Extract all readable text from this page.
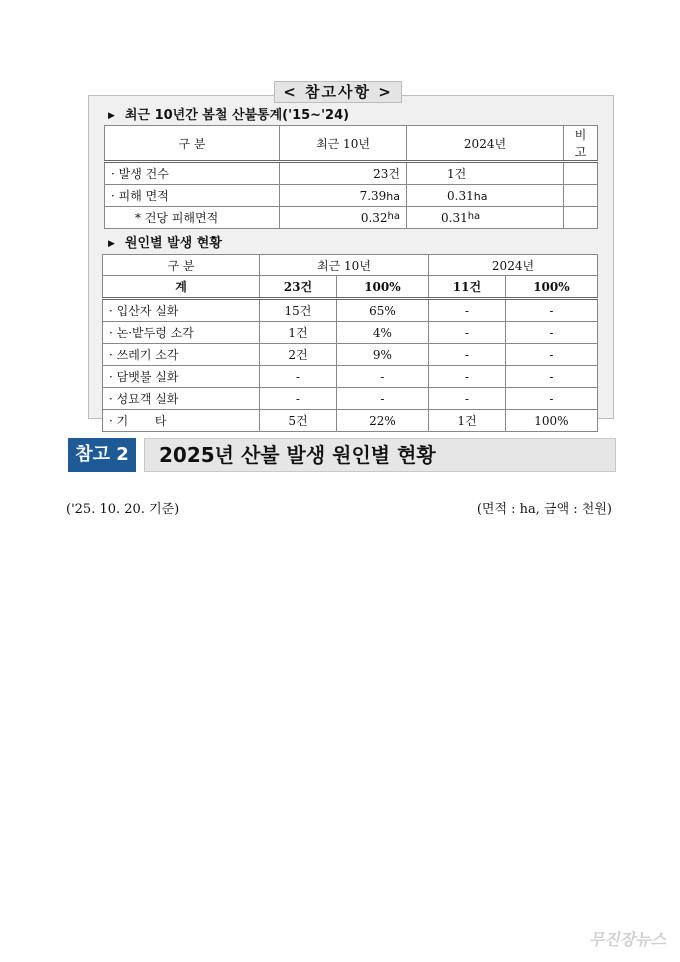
< 참고사항 >
▶ 최근 10년간 봄철 산불통계('15~'24)
구 분	최근 10년	2024년	비 고
· 발생 건수	23건	1건	
· 피해 면적	7.39ha	0.31ha	
* 건당 피해면적	0.32$^{ha}$	0.31$^{ha}$	
▶ 원인별 발생 현황
구 분	최근 10년		2024년	
계	23건	100%	11건	100%
· 입산자 실화	15건	65%	-	-
· 논·밭두렁 소각	1건	4%	-	-
· 쓰레기 소각	2건	9%	-	-
· 담뱃불 실화	-	-	-	-
· 성묘객 실화	-	-	-	-
· 기       타	5건	22%	1건	100%
참고 2	2025년 산불 발생 원인별 현황
('25. 10. 20. 기준)	(면적 : ha, 금액 : 천원)
무진장뉴스
